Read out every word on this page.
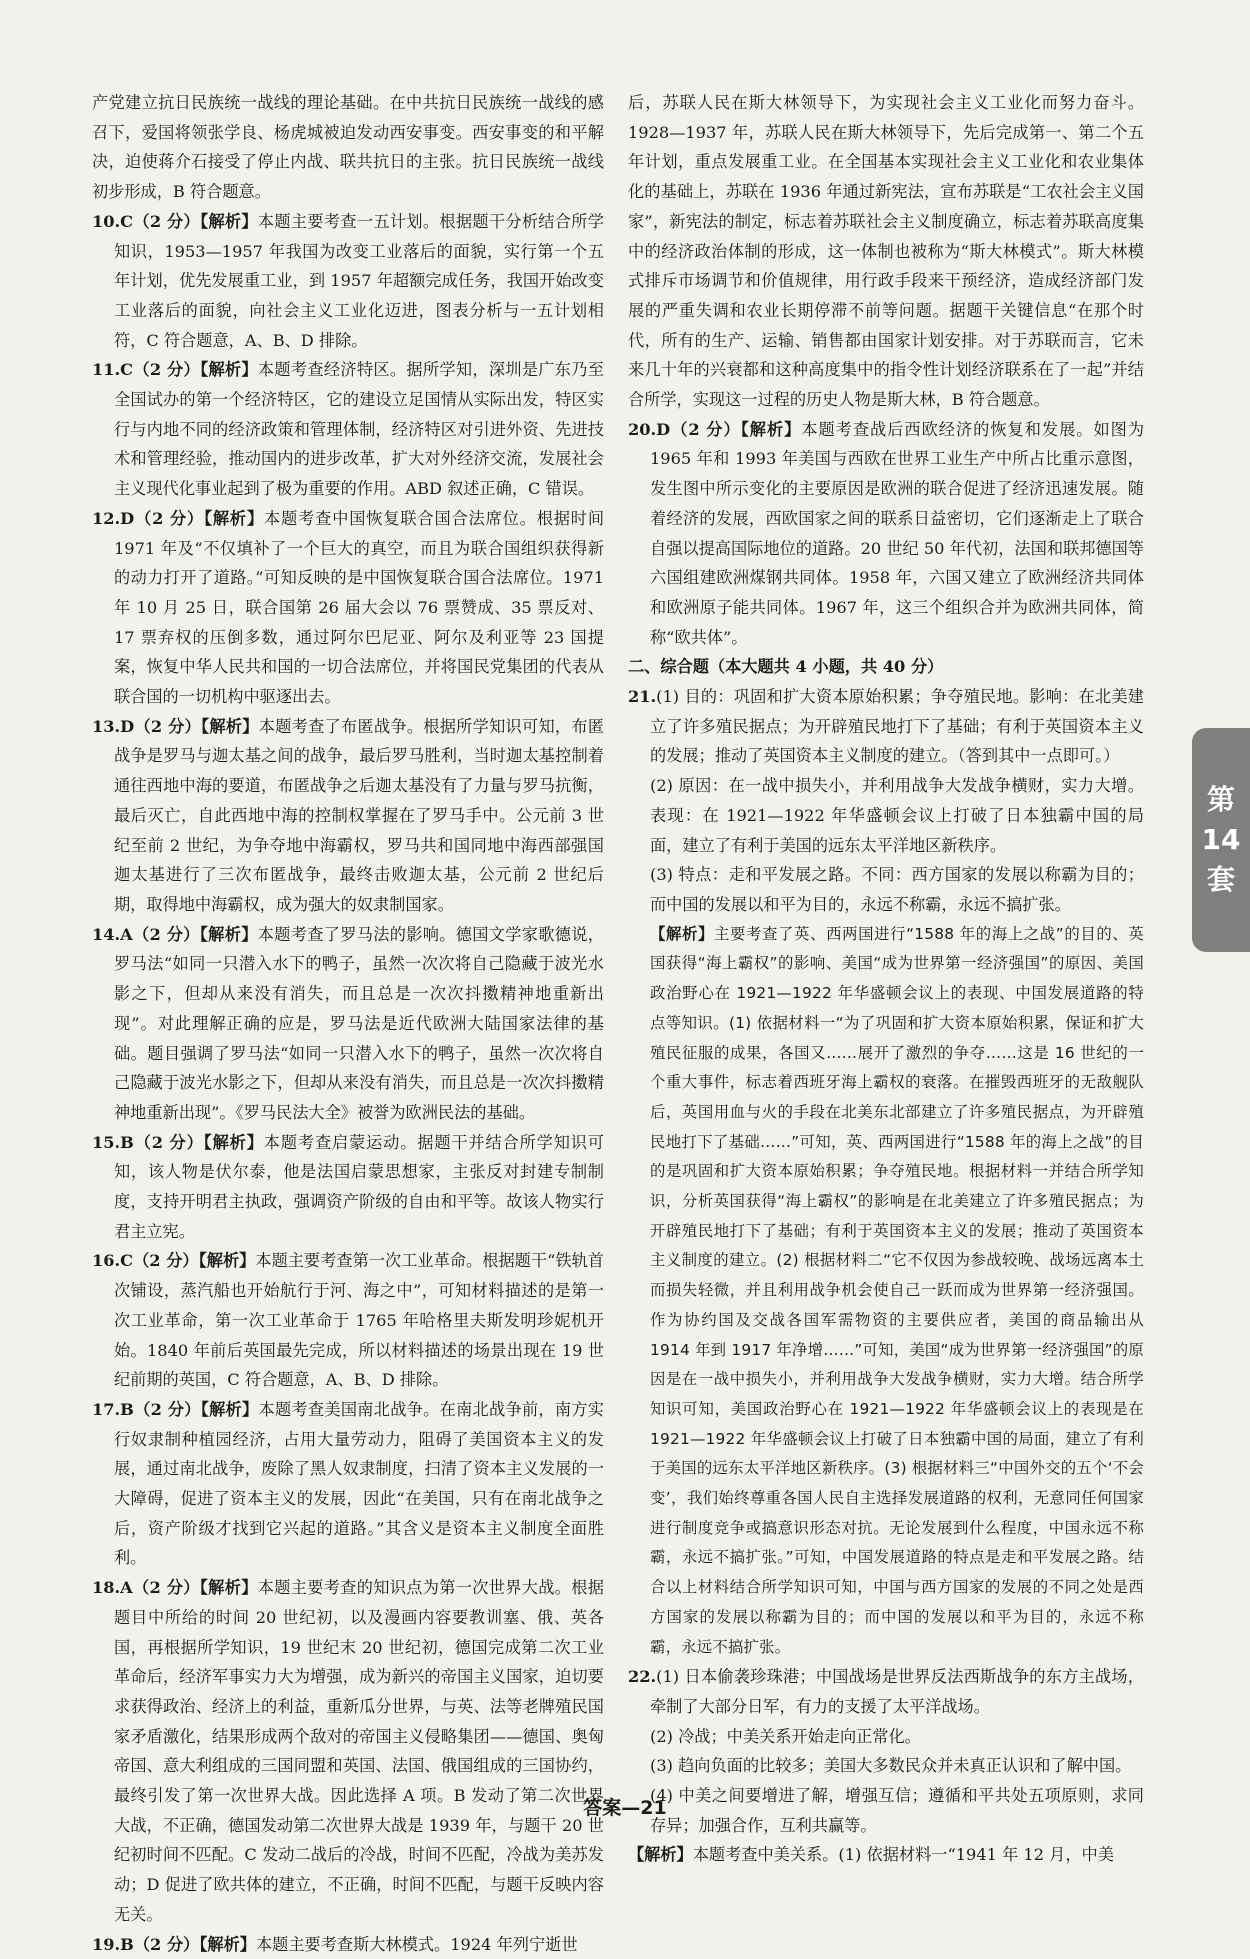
产党建立抗日民族统一战线的理论基础。在中共抗日民族统一战线的感召下，爱国将领张学良、杨虎城被迫发动西安事变。西安事变的和平解决，迫使蒋介石接受了停止内战、联共抗日的主张。抗日民族统一战线初步形成，B 符合题意。

10.C（2 分）【解析】本题主要考查一五计划。根据题干分析结合所学知识，1953—1957 年我国为改变工业落后的面貌，实行第一个五年计划，优先发展重工业，到 1957 年超额完成任务，我国开始改变工业落后的面貌，向社会主义工业化迈进，图表分析与一五计划相符，C 符合题意，A、B、D 排除。

11.C（2 分）【解析】本题考查经济特区。据所学知，深圳是广东乃至全国试办的第一个经济特区，它的建设立足国情从实际出发，特区实行与内地不同的经济政策和管理体制，经济特区对引进外资、先进技术和管理经验，推动国内的进步改革，扩大对外经济交流，发展社会主义现代化事业起到了极为重要的作用。ABD 叙述正确，C 错误。

12.D（2 分）【解析】本题考查中国恢复联合国合法席位。根据时间 1971 年及“不仅填补了一个巨大的真空，而且为联合国组织获得新的动力打开了道路。”可知反映的是中国恢复联合国合法席位。1971 年 10 月 25 日，联合国第 26 届大会以 76 票赞成、35 票反对、17 票弃权的压倒多数，通过阿尔巴尼亚、阿尔及利亚等 23 国提案，恢复中华人民共和国的一切合法席位，并将国民党集团的代表从联合国的一切机构中驱逐出去。

13.D（2 分）【解析】本题考查了布匿战争。根据所学知识可知，布匿战争是罗马与迦太基之间的战争，最后罗马胜利，当时迦太基控制着通往西地中海的要道，布匿战争之后迦太基没有了力量与罗马抗衡，最后灭亡，自此西地中海的控制权掌握在了罗马手中。公元前 3 世纪至前 2 世纪，为争夺地中海霸权，罗马共和国同地中海西部强国迦太基进行了三次布匿战争，最终击败迦太基，公元前 2 世纪后期，取得地中海霸权，成为强大的奴隶制国家。

14.A（2 分）【解析】本题考查了罗马法的影响。德国文学家歌德说，罗马法“如同一只潜入水下的鸭子，虽然一次次将自己隐藏于波光水影之下，但却从来没有消失，而且总是一次次抖擞精神地重新出现”。对此理解正确的应是，罗马法是近代欧洲大陆国家法律的基础。题目强调了罗马法“如同一只潜入水下的鸭子，虽然一次次将自己隐藏于波光水影之下，但却从来没有消失，而且总是一次次抖擞精神地重新出现”。《罗马民法大全》被誉为欧洲民法的基础。

15.B（2 分）【解析】本题考查启蒙运动。据题干并结合所学知识可知，该人物是伏尔泰，他是法国启蒙思想家，主张反对封建专制制度，支持开明君主执政，强调资产阶级的自由和平等。故该人物实行君主立宪。

16.C（2 分）【解析】本题主要考查第一次工业革命。根据题干“铁轨首次铺设，蒸汽船也开始航行于河、海之中”，可知材料描述的是第一次工业革命，第一次工业革命于 1765 年哈格里夫斯发明珍妮机开始。1840 年前后英国最先完成，所以材料描述的场景出现在 19 世纪前期的英国，C 符合题意，A、B、D 排除。

17.B（2 分）【解析】本题考查美国南北战争。在南北战争前，南方实行奴隶制种植园经济，占用大量劳动力，阻碍了美国资本主义的发展，通过南北战争，废除了黑人奴隶制度，扫清了资本主义发展的一大障碍，促进了资本主义的发展，因此“在美国，只有在南北战争之后，资产阶级才找到它兴起的道路。”其含义是资本主义制度全面胜利。

18.A（2 分）【解析】本题主要考查的知识点为第一次世界大战。根据题目中所给的时间 20 世纪初，以及漫画内容要教训塞、俄、英各国，再根据所学知识，19 世纪末 20 世纪初，德国完成第二次工业革命后，经济军事实力大为增强，成为新兴的帝国主义国家，迫切要求获得政治、经济上的利益，重新瓜分世界，与英、法等老牌殖民国家矛盾激化，结果形成两个敌对的帝国主义侵略集团——德国、奥匈帝国、意大利组成的三国同盟和英国、法国、俄国组成的三国协约，最终引发了第一次世界大战。因此选择 A 项。B 发动了第二次世界大战，不正确，德国发动第二次世界大战是 1939 年，与题干 20 世纪初时间不匹配。C 发动二战后的冷战，时间不匹配，冷战为美苏发动；D 促进了欧共体的建立，不正确，时间不匹配，与题干反映内容无关。

19.B（2 分）【解析】本题主要考查斯大林模式。1924 年列宁逝世

后，苏联人民在斯大林领导下，为实现社会主义工业化而努力奋斗。1928—1937 年，苏联人民在斯大林领导下，先后完成第一、第二个五年计划，重点发展重工业。在全国基本实现社会主义工业化和农业集体化的基础上，苏联在 1936 年通过新宪法，宣布苏联是“工农社会主义国家”，新宪法的制定，标志着苏联社会主义制度确立，标志着苏联高度集中的经济政治体制的形成，这一体制也被称为“斯大林模式”。斯大林模式排斥市场调节和价值规律，用行政手段来干预经济，造成经济部门发展的严重失调和农业长期停滞不前等问题。据题干关键信息“在那个时代，所有的生产、运输、销售都由国家计划安排。对于苏联而言，它未来几十年的兴衰都和这种高度集中的指令性计划经济联系在了一起”并结合所学，实现这一过程的历史人物是斯大林，B 符合题意。

20.D（2 分）【解析】本题考查战后西欧经济的恢复和发展。如图为 1965 年和 1993 年美国与西欧在世界工业生产中所占比重示意图，发生图中所示变化的主要原因是欧洲的联合促进了经济迅速发展。随着经济的发展，西欧国家之间的联系日益密切，它们逐渐走上了联合自强以提高国际地位的道路。20 世纪 50 年代初，法国和联邦德国等六国组建欧洲煤钢共同体。1958 年，六国又建立了欧洲经济共同体和欧洲原子能共同体。1967 年，这三个组织合并为欧洲共同体，简称“欧共体”。

二、综合题（本大题共 4 小题，共 40 分）

21.(1) 目的：巩固和扩大资本原始积累；争夺殖民地。影响：在北美建立了许多殖民据点；为开辟殖民地打下了基础；有利于英国资本主义的发展；推动了英国资本主义制度的建立。（答到其中一点即可。）

(2) 原因：在一战中损失小，并利用战争大发战争横财，实力大增。表现：在 1921—1922 年华盛顿会议上打破了日本独霸中国的局面，建立了有利于美国的远东太平洋地区新秩序。

(3) 特点：走和平发展之路。不同：西方国家的发展以称霸为目的；而中国的发展以和平为目的，永远不称霸，永远不搞扩张。

【解析】主要考查了英、西两国进行“1588 年的海上之战”的目的、英国获得“海上霸权”的影响、美国“成为世界第一经济强国”的原因、美国政治野心在 1921—1922 年华盛顿会议上的表现、中国发展道路的特点等知识。(1) 依据材料一“为了巩固和扩大资本原始积累，保证和扩大殖民征服的成果，各国又……展开了激烈的争夺……这是 16 世纪的一个重大事件，标志着西班牙海上霸权的衰落。在摧毁西班牙的无敌舰队后，英国用血与火的手段在北美东北部建立了许多殖民据点，为开辟殖民地打下了基础……”可知，英、西两国进行“1588 年的海上之战”的目的是巩固和扩大资本原始积累；争夺殖民地。根据材料一并结合所学知识，分析英国获得“海上霸权”的影响是在北美建立了许多殖民据点；为开辟殖民地打下了基础；有利于英国资本主义的发展；推动了英国资本主义制度的建立。(2) 根据材料二“它不仅因为参战较晚、战场远离本土而损失轻微，并且利用战争机会使自己一跃而成为世界第一经济强国。作为协约国及交战各国军需物资的主要供应者，美国的商品输出从 1914 年到 1917 年净增……”可知，美国“成为世界第一经济强国”的原因是在一战中损失小，并利用战争大发战争横财，实力大增。结合所学知识可知，美国政治野心在 1921—1922 年华盛顿会议上的表现是在 1921—1922 年华盛顿会议上打破了日本独霸中国的局面，建立了有利于美国的远东太平洋地区新秩序。(3) 根据材料三“中国外交的五个‘不会变’，我们始终尊重各国人民自主选择发展道路的权利，无意同任何国家进行制度竞争或搞意识形态对抗。无论发展到什么程度，中国永远不称霸，永远不搞扩张。”可知，中国发展道路的特点是走和平发展之路。结合以上材料结合所学知识可知，中国与西方国家的发展的不同之处是西方国家的发展以称霸为目的；而中国的发展以和平为目的，永远不称霸，永远不搞扩张。

22.(1) 日本偷袭珍珠港；中国战场是世界反法西斯战争的东方主战场，牵制了大部分日军，有力的支援了太平洋战场。

(2) 冷战；中美关系开始走向正常化。

(3) 趋向负面的比较多；美国大多数民众并未真正认识和了解中国。

(4) 中美之间要增进了解，增强互信；遵循和平共处五项原则，求同存异；加强合作，互利共赢等。

【解析】本题考查中美关系。(1) 依据材料一“1941 年 12 月，中美

第
14
套
答案—21
